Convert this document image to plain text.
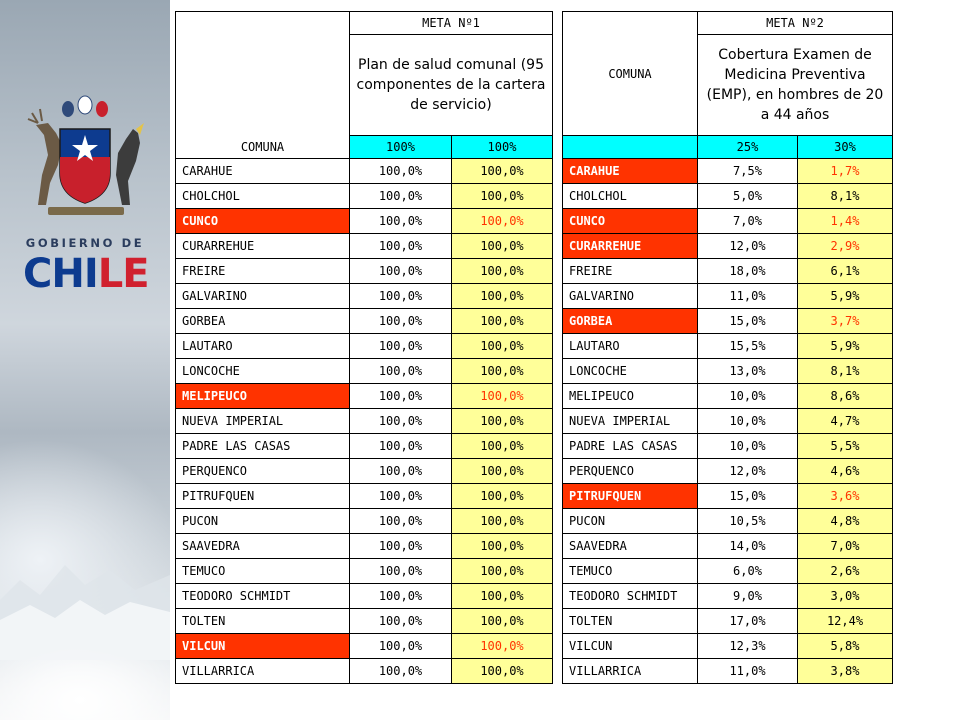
GOBIERNO DE
CHILE
COMUNA	META Nº1	
	Plan de salud comunal (95 componentes de la cartera de servicio)	
	100%	100%
CARAHUE	100,0%	100,0%
CHOLCHOL	100,0%	100,0%
CUNCO	100,0%	100,0%
CURARREHUE	100,0%	100,0%
FREIRE	100,0%	100,0%
GALVARINO	100,0%	100,0%
GORBEA	100,0%	100,0%
LAUTARO	100,0%	100,0%
LONCOCHE	100,0%	100,0%
MELIPEUCO	100,0%	100,0%
NUEVA IMPERIAL	100,0%	100,0%
PADRE LAS CASAS	100,0%	100,0%
PERQUENCO	100,0%	100,0%
PITRUFQUEN	100,0%	100,0%
PUCON	100,0%	100,0%
SAAVEDRA	100,0%	100,0%
TEMUCO	100,0%	100,0%
TEODORO SCHMIDT	100,0%	100,0%
TOLTEN	100,0%	100,0%
VILCUN	100,0%	100,0%
VILLARRICA	100,0%	100,0%
COMUNA	META Nº2	
	Cobertura Examen de Medicina Preventiva (EMP), en hombres de 20 a 44 años	
	25%	30%
CARAHUE	7,5%	1,7%
CHOLCHOL	5,0%	8,1%
CUNCO	7,0%	1,4%
CURARREHUE	12,0%	2,9%
FREIRE	18,0%	6,1%
GALVARINO	11,0%	5,9%
GORBEA	15,0%	3,7%
LAUTARO	15,5%	5,9%
LONCOCHE	13,0%	8,1%
MELIPEUCO	10,0%	8,6%
NUEVA IMPERIAL	10,0%	4,7%
PADRE LAS CASAS	10,0%	5,5%
PERQUENCO	12,0%	4,6%
PITRUFQUEN	15,0%	3,6%
PUCON	10,5%	4,8%
SAAVEDRA	14,0%	7,0%
TEMUCO	6,0%	2,6%
TEODORO SCHMIDT	9,0%	3,0%
TOLTEN	17,0%	12,4%
VILCUN	12,3%	5,8%
VILLARRICA	11,0%	3,8%
